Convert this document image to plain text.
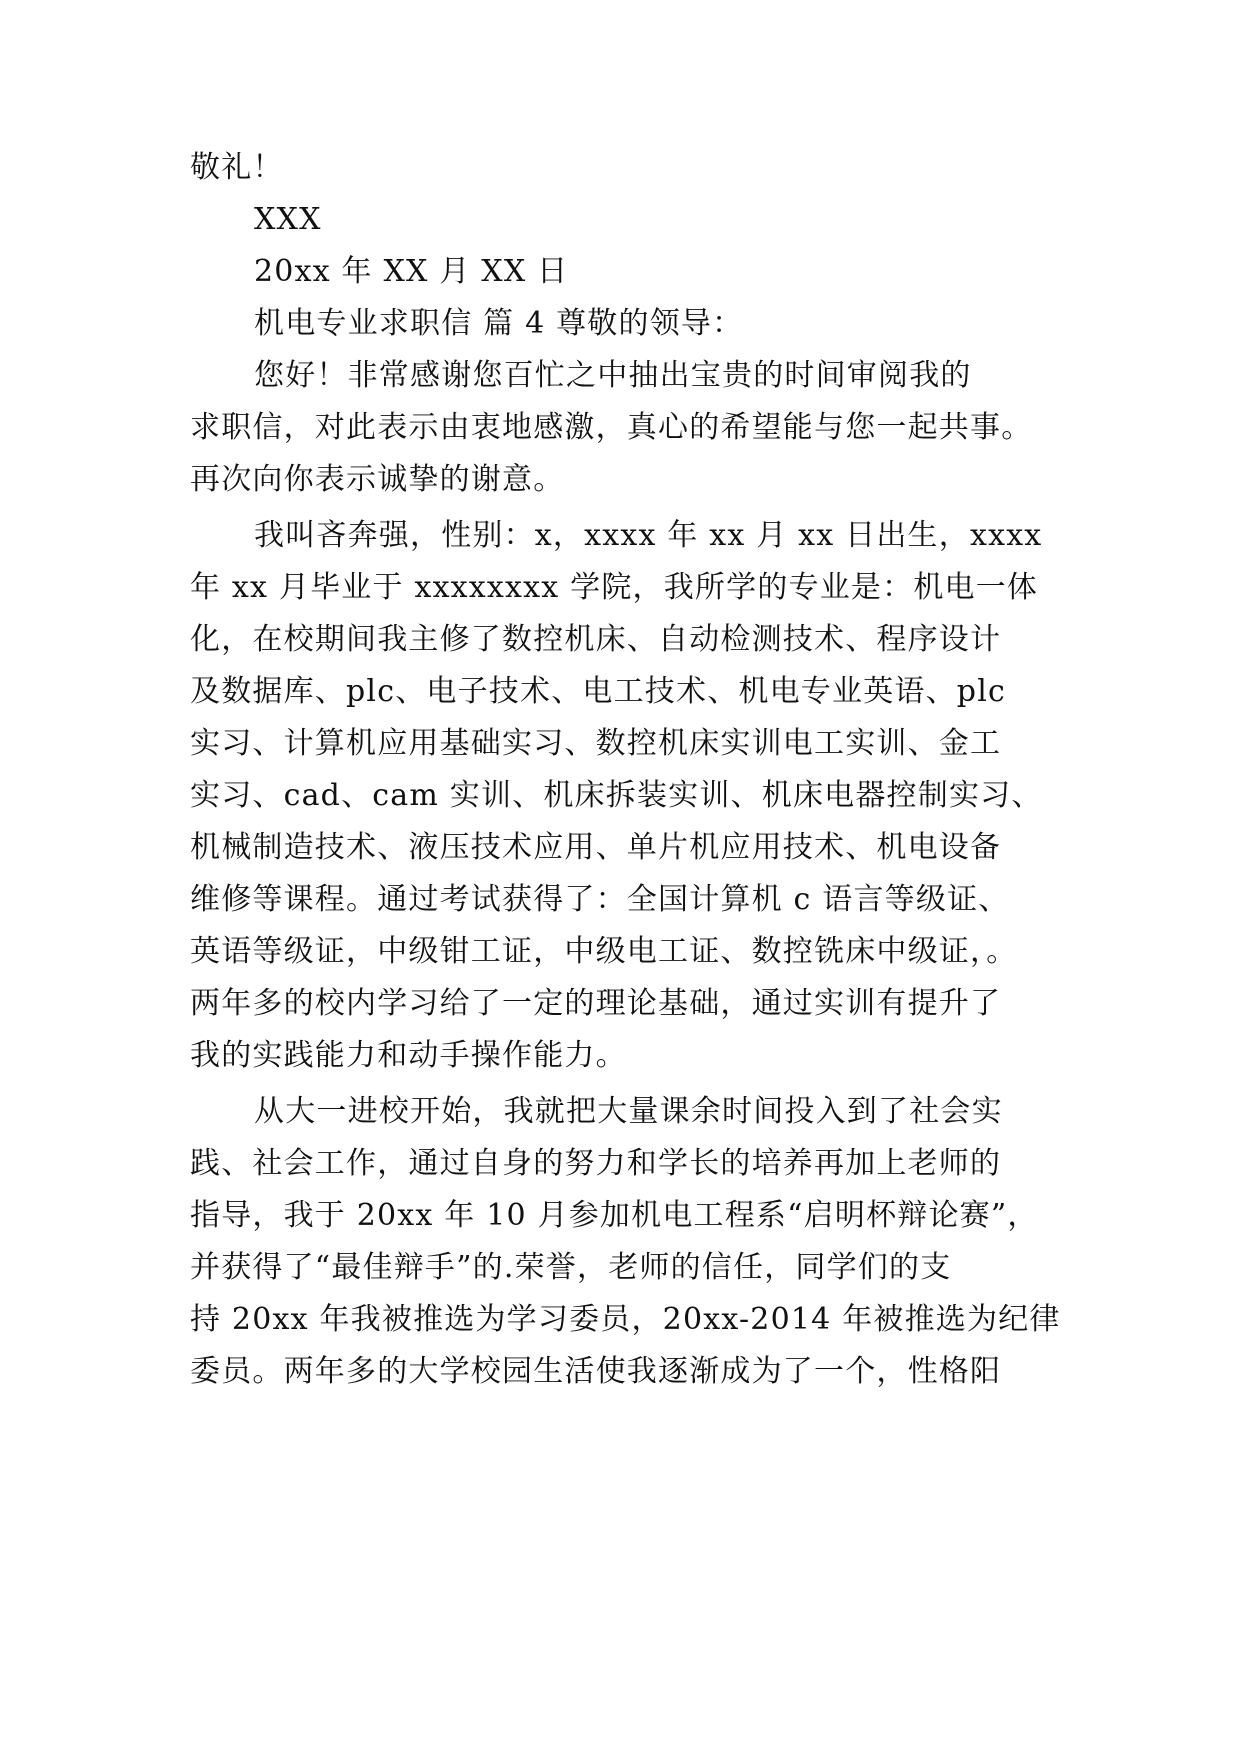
敬礼！
XXX
20xx 年 XX 月 XX 日
机电专业求职信 篇 4 尊敬的领导：
您好！非常感谢您百忙之中抽出宝贵的时间审阅我的
求职信，对此表示由衷地感激，真心的希望能与您一起共事。
再次向你表示诚挚的谢意。
我叫吝奔强，性别：x，xxxx 年 xx 月 xx 日出生，xxxx
年 xx 月毕业于 xxxxxxxx 学院，我所学的专业是：机电一体
化，在校期间我主修了数控机床、自动检测技术、程序设计
及数据库、plc、电子技术、电工技术、机电专业英语、plc
实习、计算机应用基础实习、数控机床实训电工实训、金工
实习、cad、cam 实训、机床拆装实训、机床电器控制实习、
机械制造技术、液压技术应用、单片机应用技术、机电设备
维修等课程。通过考试获得了：全国计算机 c 语言等级证、
英语等级证，中级钳工证，中级电工证、数控铣床中级证，。
两年多的校内学习给了一定的理论基础，通过实训有提升了
我的实践能力和动手操作能力。
从大一进校开始，我就把大量课余时间投入到了社会实
践、社会工作，通过自身的努力和学长的培养再加上老师的
指导，我于 20xx 年 10 月参加机电工程系“启明杯辩论赛”，
并获得了“最佳辩手”的.荣誉，老师的信任，同学们的支
持 20xx 年我被推选为学习委员，20xx-2014 年被推选为纪律
委员。两年多的大学校园生活使我逐渐成为了一个，性格阳
